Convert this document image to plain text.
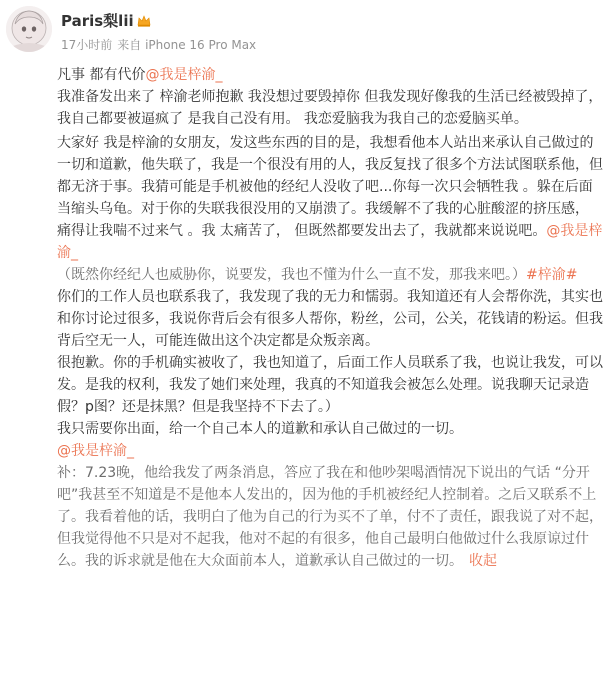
Paris梨lii
17小时前 来自 iPhone 16 Pro Max

凡事 都有代价@我是梓渝_

我准备发出来了 梓渝老师抱歉 我没想过要毁掉你 但我发现好像我的生活已经被毁掉了，我自己都要被逼疯了 是我自己没有用。 我恋爱脑我为我自己的恋爱脑买单。

大家好 我是梓渝的女朋友，发这些东西的目的是，我想看他本人站出来承认自己做过的一切和道歉，他失联了，我是一个很没有用的人，我反复找了很多个方法试图联系他，但都无济于事。我猜可能是手机被他的经纪人没收了吧...你每一次只会牺牲我 。躲在后面当缩头乌龟。对于你的失联我很没用的又崩溃了。我缓解不了我的心脏酸涩的挤压感， 痛得让我喘不过来气 。我 太痛苦了， 但既然都要发出去了，我就都来说说吧。@我是梓渝_

（既然你经纪人也威胁你，说要发，我也不懂为什么一直不发，那我来吧。）#梓渝#

你们的工作人员也联系我了，我发现了我的无力和懦弱。我知道还有人会帮你洗，其实也和你讨论过很多，我说你背后会有很多人帮你，粉丝，公司，公关，花钱请的粉运。但我背后空无一人，可能连做出这个决定都是众叛亲离。

很抱歉。你的手机确实被收了，我也知道了，后面工作人员联系了我，也说让我发，可以发。是我的权利，我发了她们来处理，我真的不知道我会被怎么处理。说我聊天记录造假？p图？还是抹黑？但是我坚持不下去了。）

我只需要你出面，给一个自己本人的道歉和承认自己做过的一切。

@我是梓渝_

补：7.23晚，他给我发了两条消息，答应了我在和他吵架喝酒情况下说出的气话 “分开吧”我甚至不知道是不是他本人发出的，因为他的手机被经纪人控制着。之后又联系不上了。我看着他的话，我明白了他为自己的行为买不了单，付不了责任，跟我说了对不起，但我觉得他不只是对不起我，他对不起的有很多，他自己最明白他做过什么我原谅过什么。我的诉求就是他在大众面前本人，道歉承认自己做过的一切。 收起
